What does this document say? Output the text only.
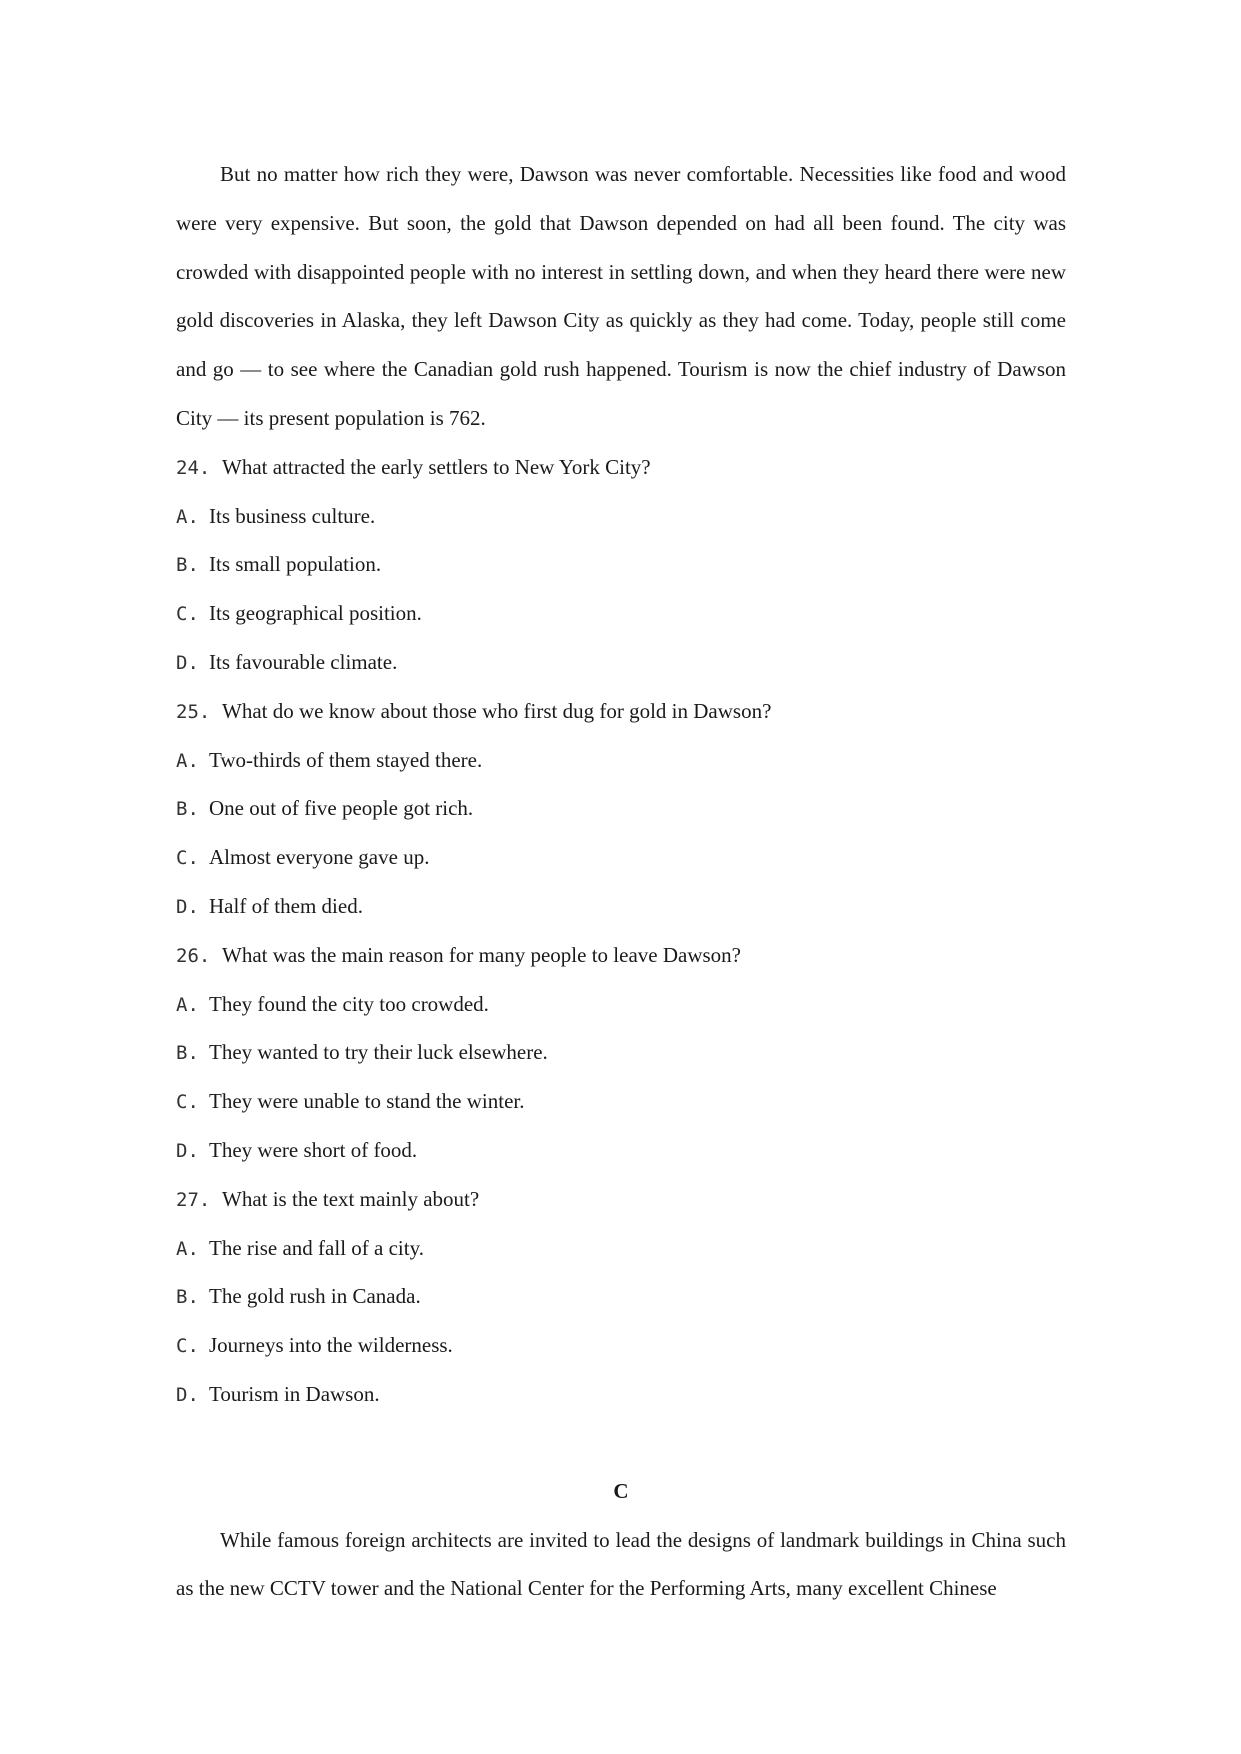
But no matter how rich they were, Dawson was never comfortable. Necessities like food and wood were very expensive. But soon, the gold that Dawson depended on had all been found. The city was crowded with disappointed people with no interest in settling down, and when they heard there were new gold discoveries in Alaska, they left Dawson City as quickly as they had come. Today, people still come and go — to see where the Canadian gold rush happened. Tourism is now the chief industry of Dawson City — its present population is 762.

24. What attracted the early settlers to New York City?
A. Its business culture.
B. Its small population.
C. Its geographical position.
D. Its favourable climate.
25. What do we know about those who first dug for gold in Dawson?
A. Two-thirds of them stayed there.
B. One out of five people got rich.
C. Almost everyone gave up.
D. Half of them died.
26. What was the main reason for many people to leave Dawson?
A. They found the city too crowded.
B. They wanted to try their luck elsewhere.
C. They were unable to stand the winter.
D. They were short of food.
27. What is the text mainly about?
A. The rise and fall of a city.
B. The gold rush in Canada.
C. Journeys into the wilderness.
D. Tourism in Dawson.
C

While famous foreign architects are invited to lead the designs of landmark buildings in China such as the new CCTV tower and the National Center for the Performing Arts, many excellent Chinese
